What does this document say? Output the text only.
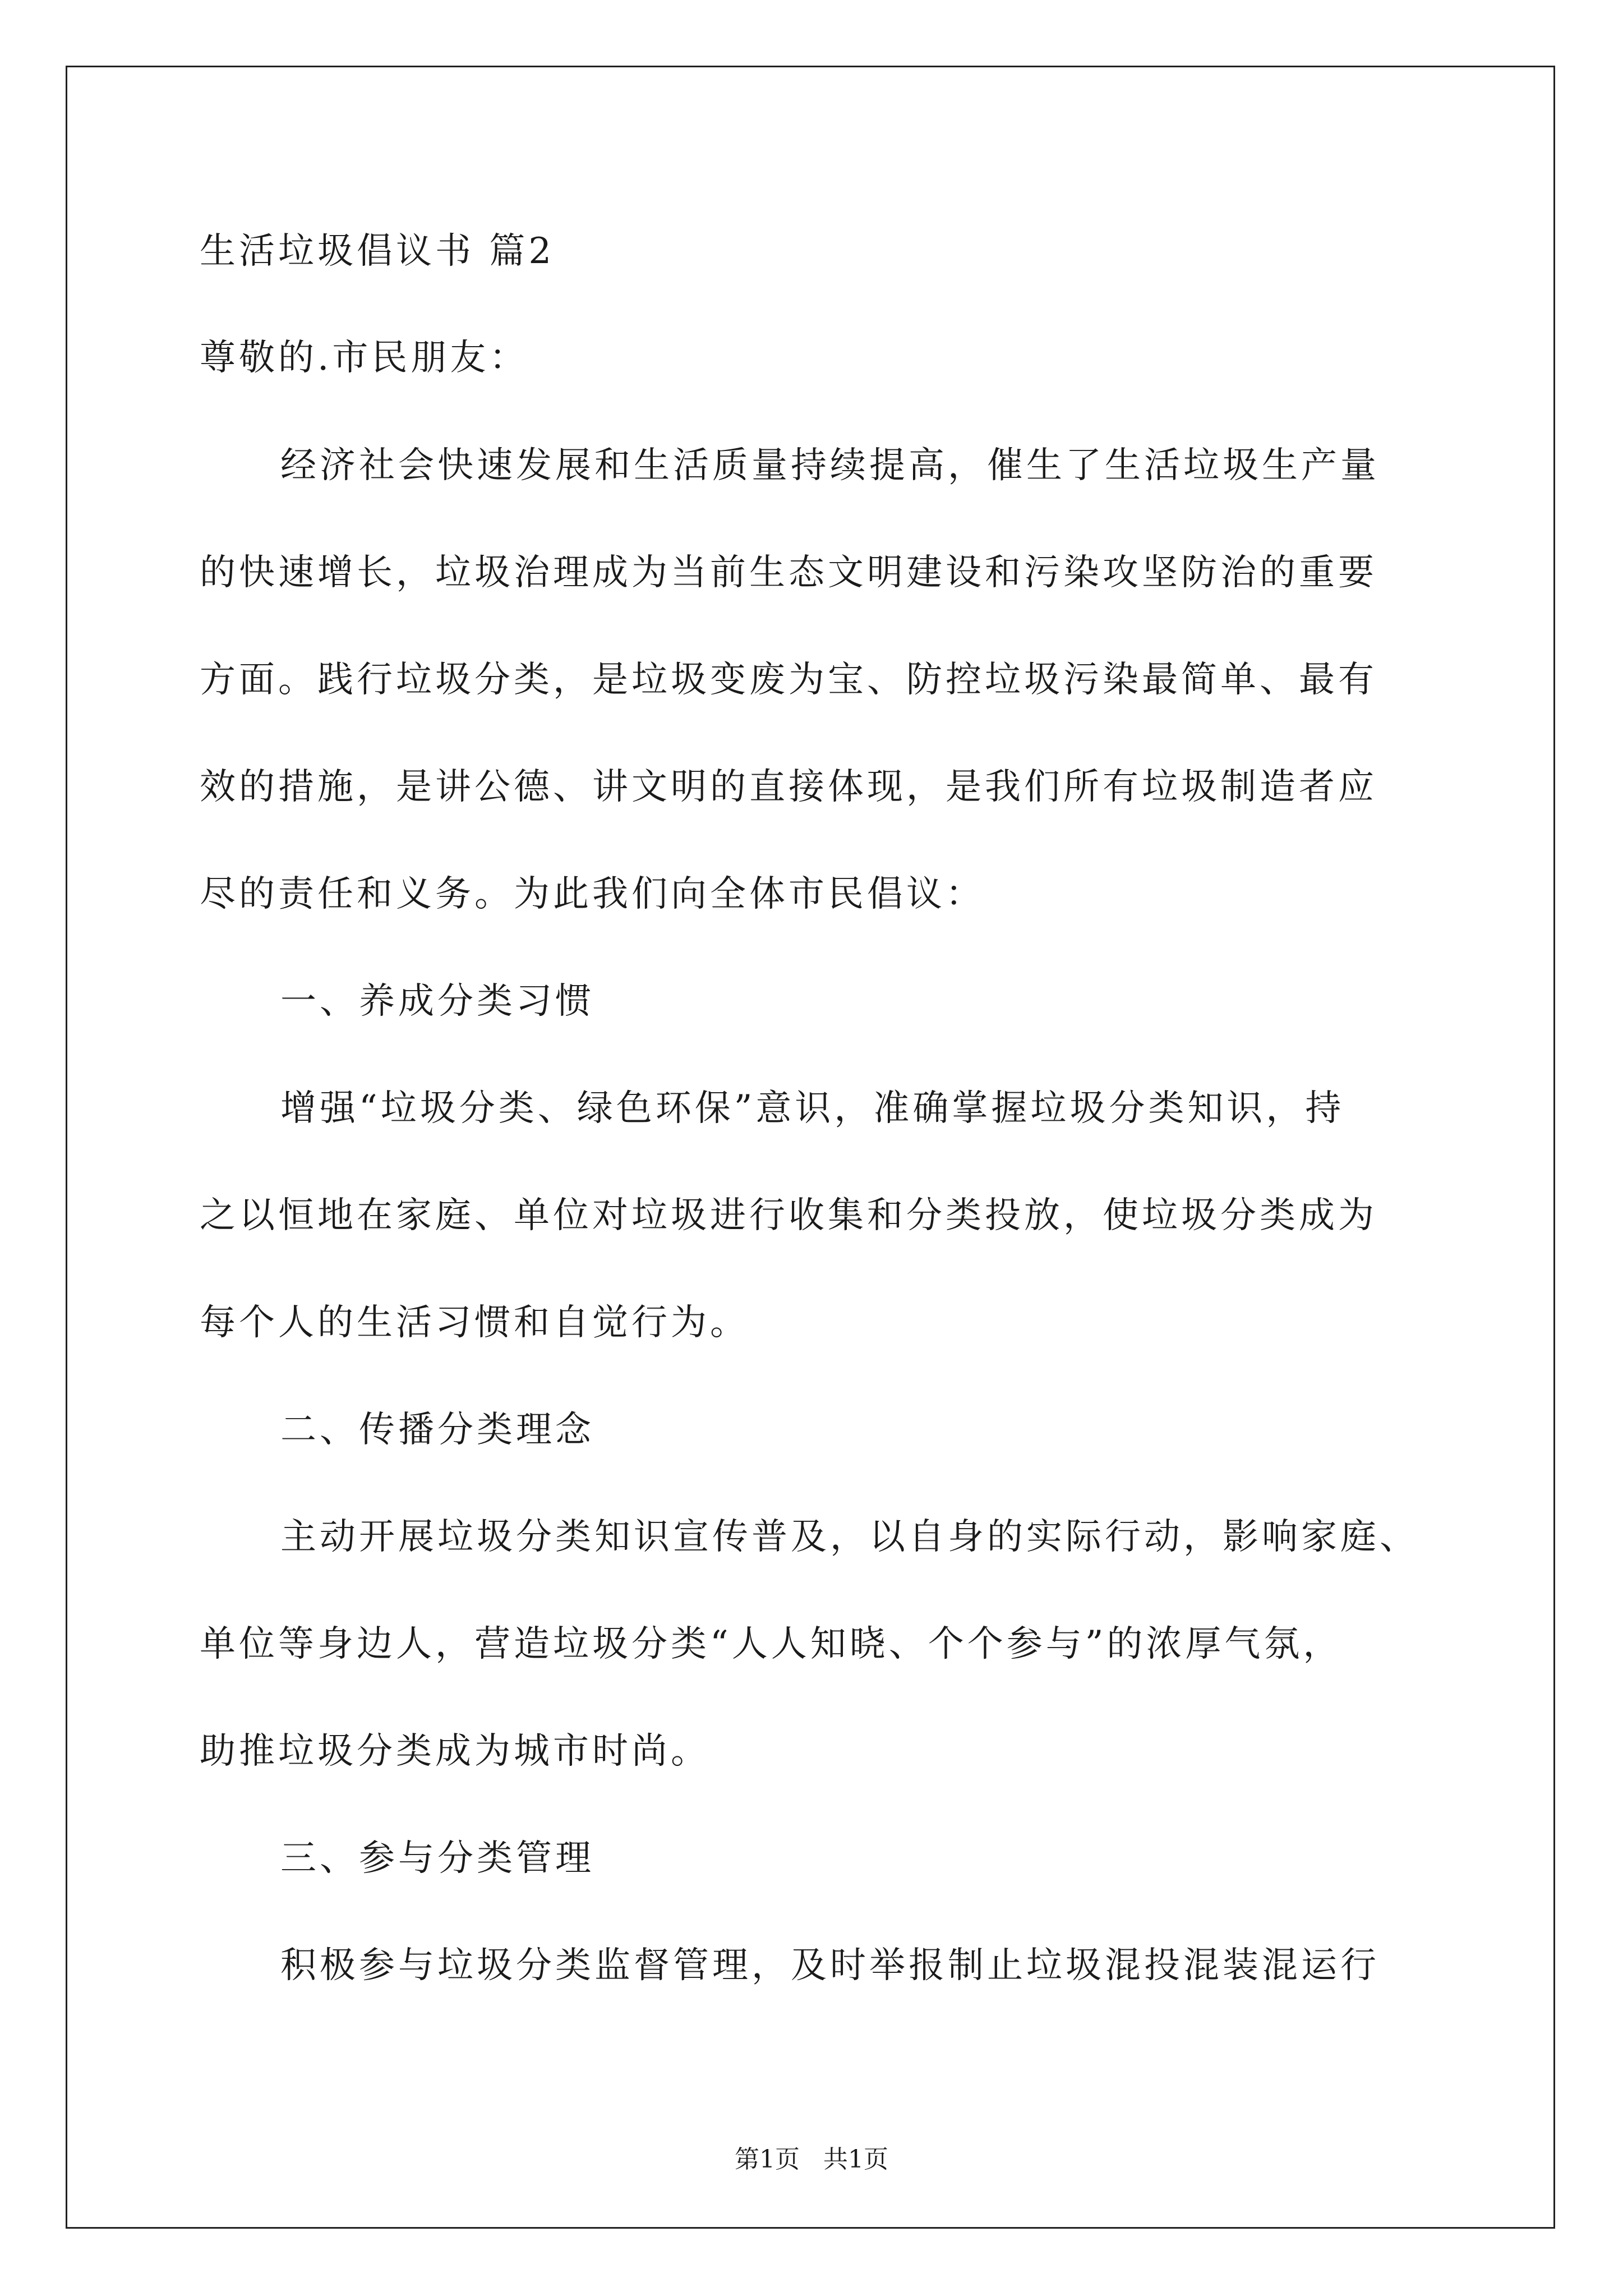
生活垃圾倡议书 篇2
尊敬的.市民朋友：
经济社会快速发展和生活质量持续提高，催生了生活垃圾生产量
的快速增长，垃圾治理成为当前生态文明建设和污染攻坚防治的重要
方面。践行垃圾分类，是垃圾变废为宝、防控垃圾污染最简单、最有
效的措施，是讲公德、讲文明的直接体现，是我们所有垃圾制造者应
尽的责任和义务。为此我们向全体市民倡议：
一、养成分类习惯
增强“垃圾分类、绿色环保”意识，准确掌握垃圾分类知识，持
之以恒地在家庭、单位对垃圾进行收集和分类投放，使垃圾分类成为
每个人的生活习惯和自觉行为。
二、传播分类理念
主动开展垃圾分类知识宣传普及，以自身的实际行动，影响家庭、
单位等身边人，营造垃圾分类“人人知晓、个个参与”的浓厚气氛，
助推垃圾分类成为城市时尚。
三、参与分类管理
积极参与垃圾分类监督管理，及时举报制止垃圾混投混装混运行
第1页   共1页
